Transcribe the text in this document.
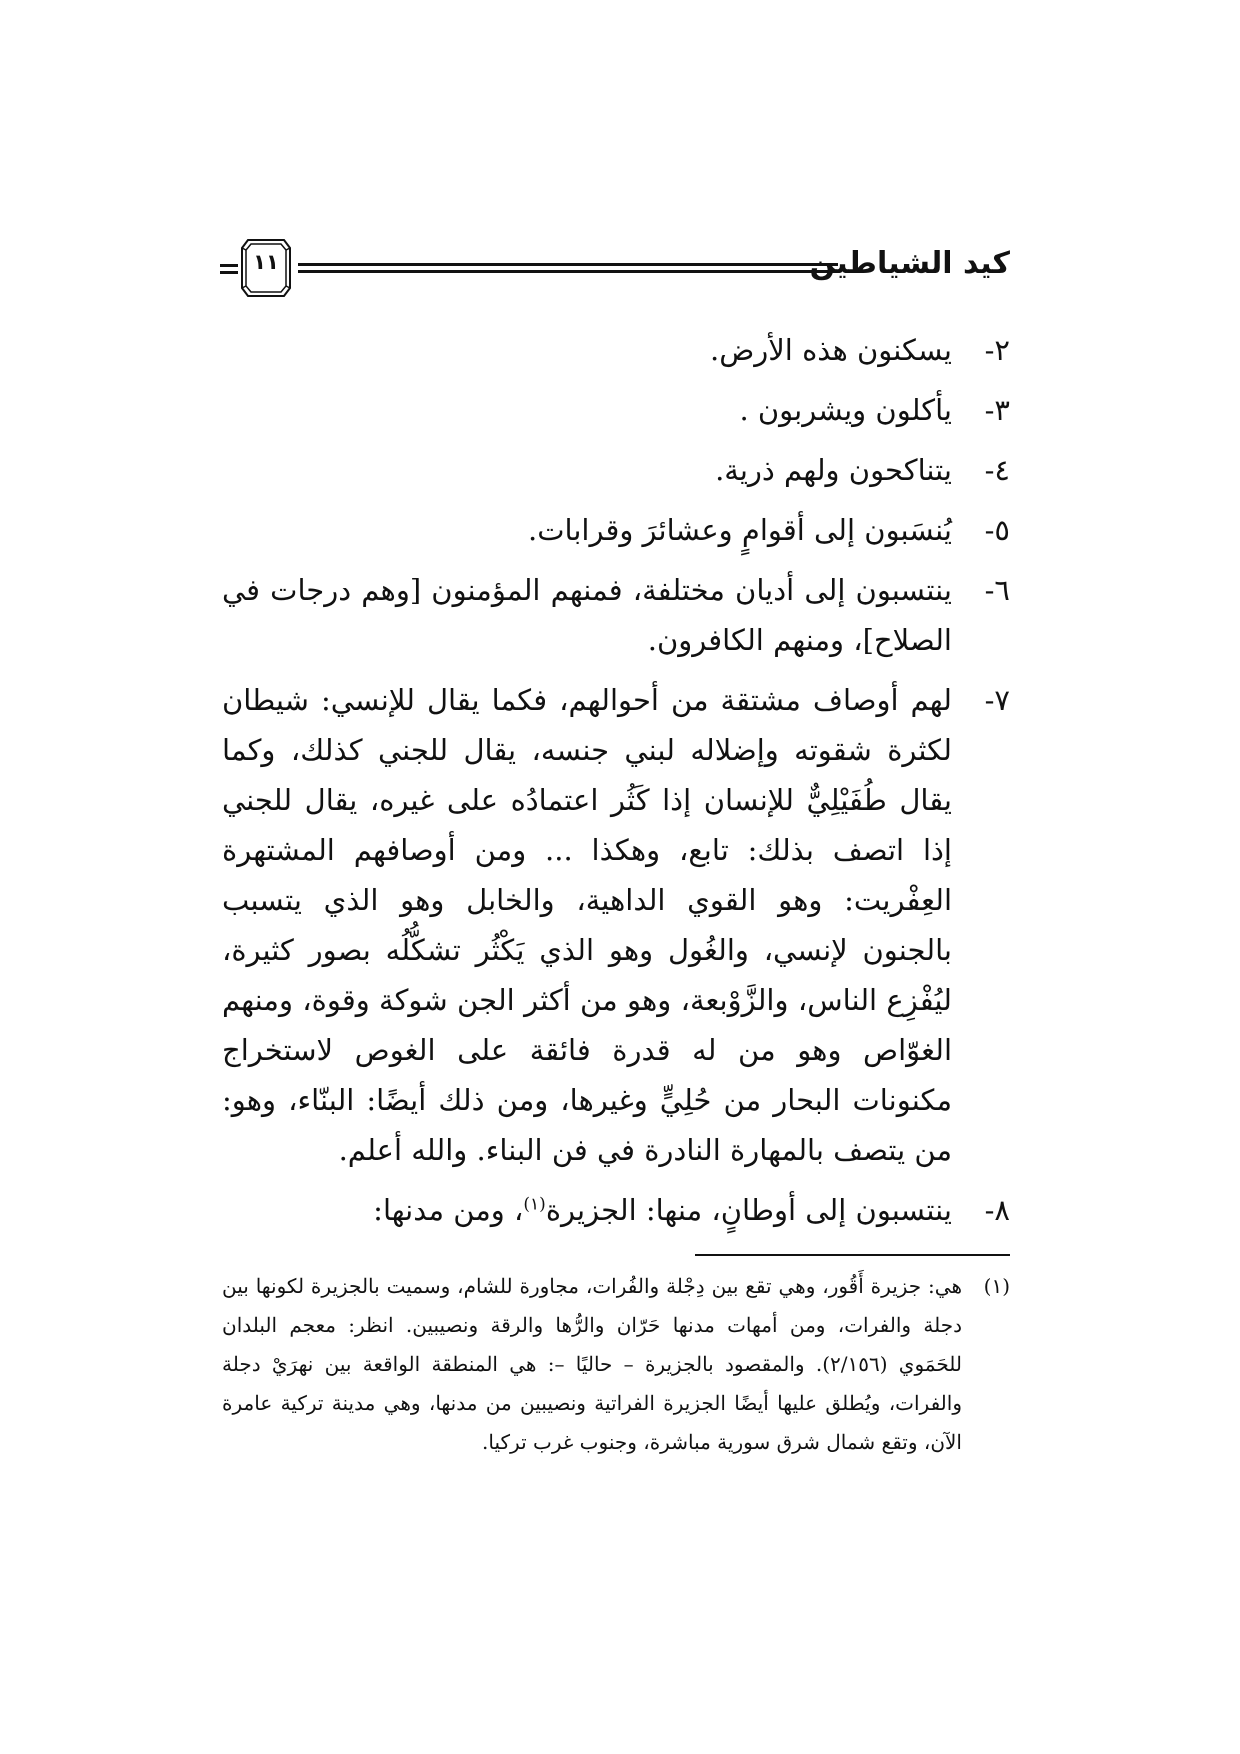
١١	كيد الشياطين
٢-
يسكنون هذه الأرض.
٣-
يأكلون ويشربون .
٤-
يتناكحون ولهم ذرية.
٥-
يُنسَبون إلى أقوامٍ وعشائرَ وقرابات.
٦-
ينتسبون إلى أديان مختلفة، فمنهم المؤمنون [وهم درجات في الصلاح]، ومنهم الكافرون.
٧-
لهم أوصاف مشتقة من أحوالهم، فكما يقال للإنسي: شيطان لكثرة شقوته وإضلاله لبني جنسه، يقال للجني كذلك، وكما يقال طُفَيْلِيٌّ للإنسان إذا كَثُر اعتمادُه على غيره، يقال للجني إذا اتصف بذلك: تابع، وهكذا ... ومن أوصافهم المشتهرة العِفْريت: وهو القوي الداهية، والخابل وهو الذي يتسبب بالجنون لإنسي، والغُول وهو الذي يَكْثُر تشكُّلُه بصور كثيرة، ليُفْزِع الناس، والزَّوْبعة، وهو من أكثر الجن شوكة وقوة، ومنهم الغوّاص وهو من له قدرة فائقة على الغوص لاستخراج مكنونات البحار من حُلِيٍّ وغيرها، ومن ذلك أيضًا: البنّاء، وهو: من يتصف بالمهارة النادرة في فن البناء. والله أعلم.
٨-
ينتسبون إلى أوطانٍ، منها: الجزيرة$^{(١)}$، ومن مدنها:
(١)
هي: جزيرة أَقُور، وهي تقع بين دِجْلة والفُرات، مجاورة للشام، وسميت بالجزيرة لكونها بين دجلة والفرات، ومن أمهات مدنها حَرّان والرُّها والرقة ونصيبين. انظر: معجم البلدان للحَمَوي (٢/١٥٦). والمقصود بالجزيرة – حاليًا –: هي المنطقة الواقعة بين نهرَيْ دجلة والفرات، ويُطلق عليها أيضًا الجزيرة الفراتية ونصيبين من مدنها، وهي مدينة تركية عامرة الآن، وتقع شمال شرق سورية مباشرة، وجنوب غرب تركيا.
